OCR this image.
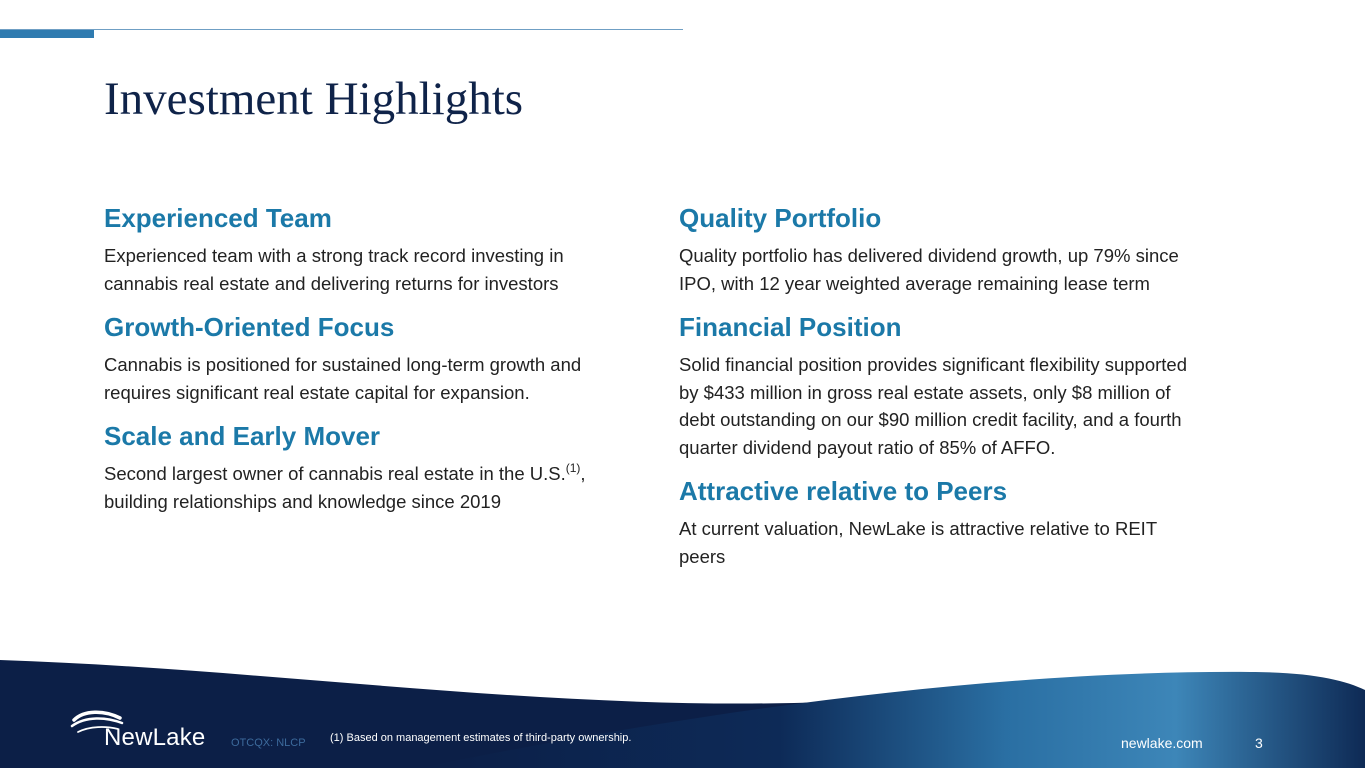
Investment Highlights
Experienced Team

Experienced team with a strong track record investing in cannabis real estate and delivering returns for investors

Growth-Oriented Focus

Cannabis is positioned for sustained long-term growth and requires significant real estate capital for expansion.

Scale and Early Mover

Second largest owner of cannabis real estate in the U.S.$^{(1)}$, building relationships and knowledge since 2019

Quality Portfolio

Quality portfolio has delivered dividend growth, up 79% since IPO, with 12 year weighted average remaining lease term

Financial Position

Solid financial position provides significant flexibility supported by $433 million in gross real estate assets, only $8 million of debt outstanding on our $90 million credit facility, and a fourth quarter dividend payout ratio of 85% of AFFO.

Attractive relative to Peers

At current valuation, NewLake is attractive relative to REIT peers

NewLake OTCQX: NLCP (1) Based on management estimates of third-party ownership.	newlake.com	3
